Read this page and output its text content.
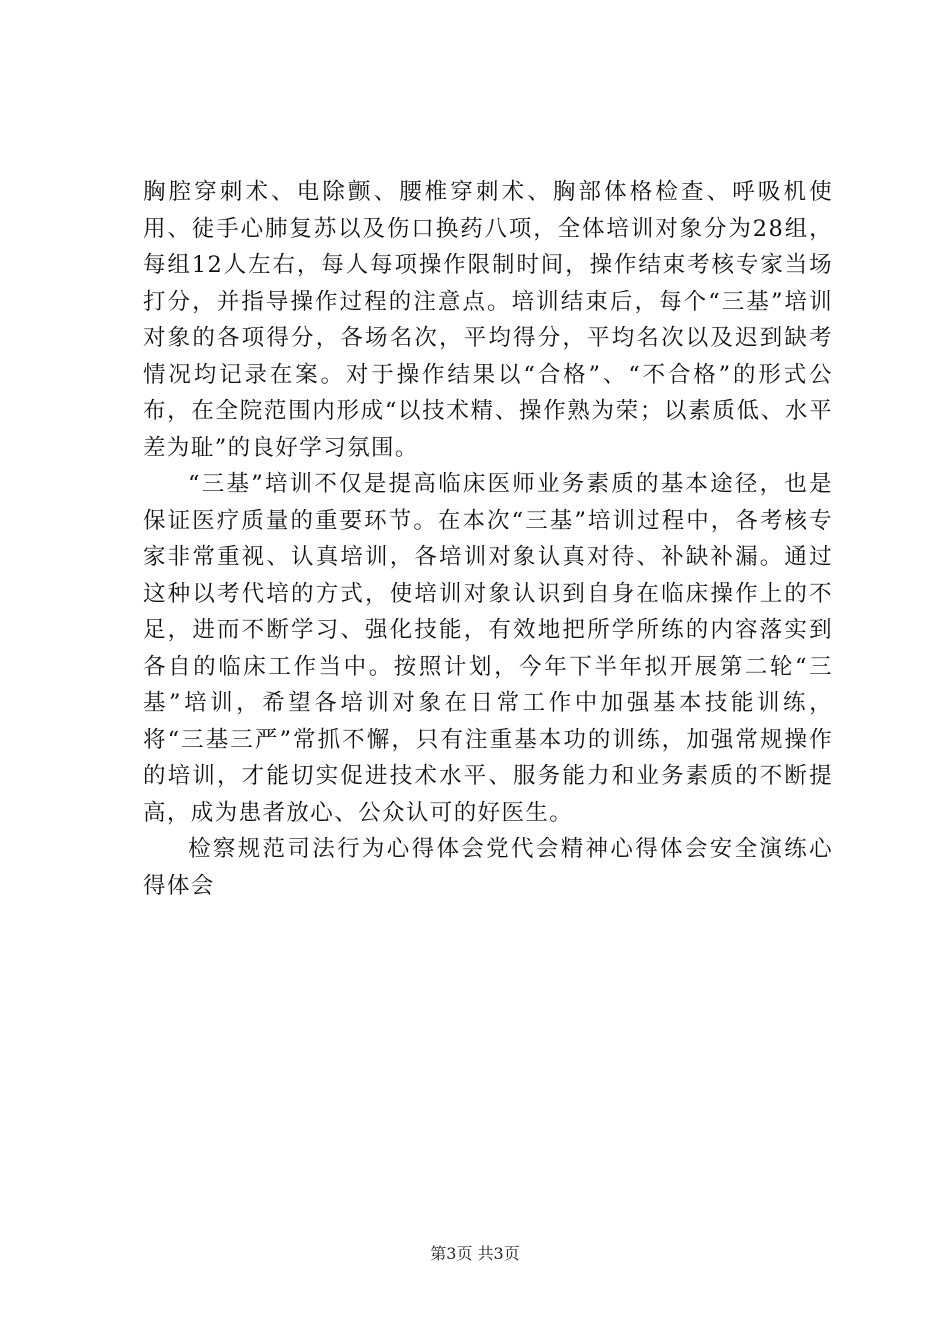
胸腔穿刺术、电除颤、腰椎穿刺术、胸部体格检查、呼吸机使用、徒手心肺复苏以及伤口换药八项，全体培训对象分为28组，每组12人左右，每人每项操作限制时间，操作结束考核专家当场打分，并指导操作过程的注意点。培训结束后，每个“三基”培训对象的各项得分，各场名次，平均得分，平均名次以及迟到缺考情况均记录在案。对于操作结果以“合格”、“不合格”的形式公布，在全院范围内形成“以技术精、操作熟为荣；以素质低、水平差为耻”的良好学习氛围。

“三基”培训不仅是提高临床医师业务素质的基本途径，也是保证医疗质量的重要环节。在本次“三基”培训过程中，各考核专家非常重视、认真培训，各培训对象认真对待、补缺补漏。通过这种以考代培的方式，使培训对象认识到自身在临床操作上的不足，进而不断学习、强化技能，有效地把所学所练的内容落实到各自的临床工作当中。按照计划，今年下半年拟开展第二轮“三基”培训，希望各培训对象在日常工作中加强基本技能训练，将“三基三严”常抓不懈，只有注重基本功的训练，加强常规操作的培训，才能切实促进技术水平、服务能力和业务素质的不断提高，成为患者放心、公众认可的好医生。

检察规范司法行为心得体会党代会精神心得体会安全演练心得体会

第3页 共3页
